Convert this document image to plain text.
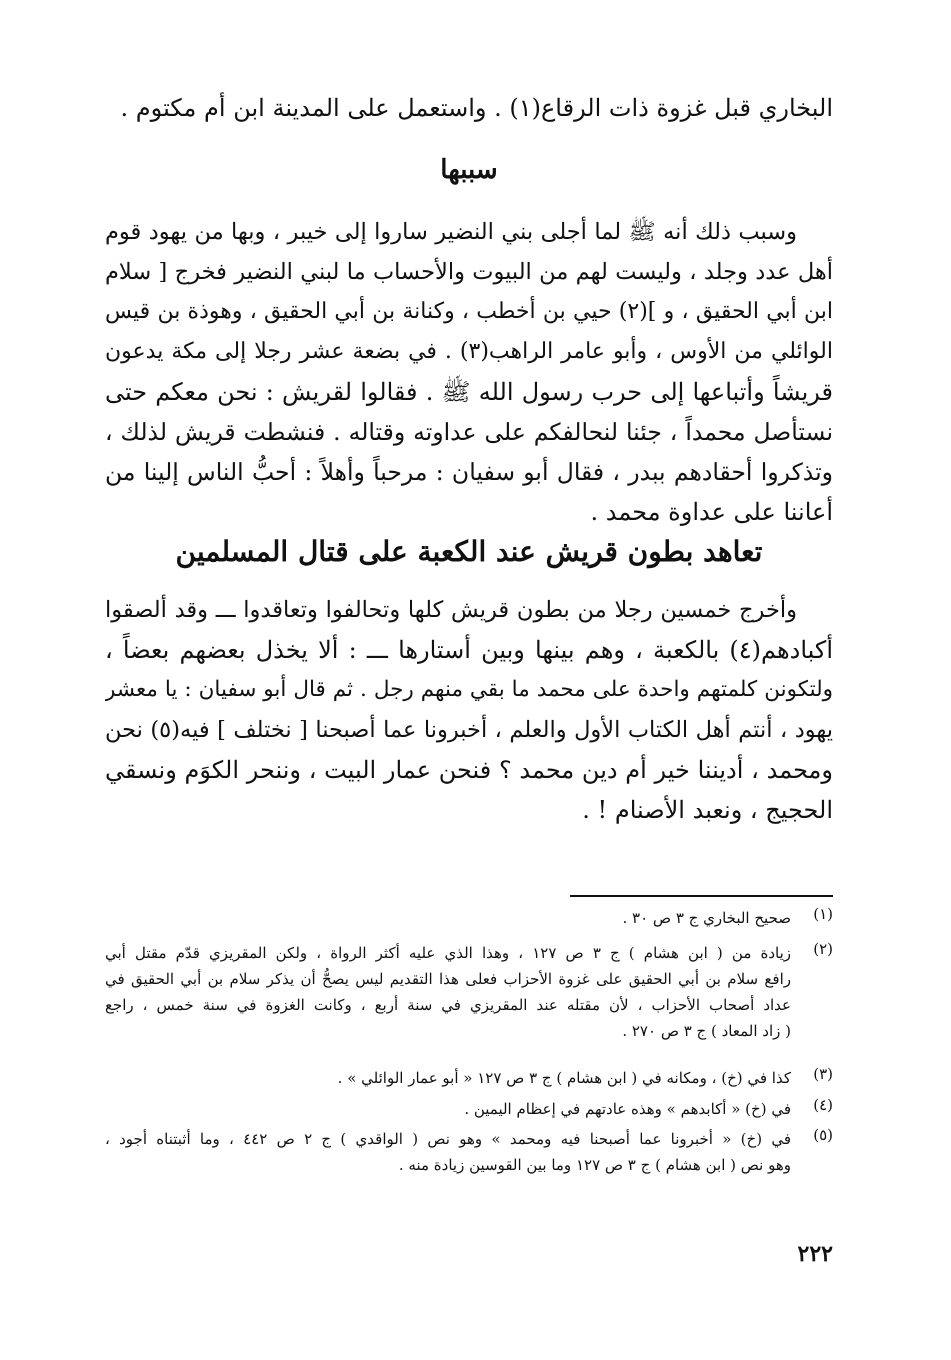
البخاري قبل غزوة ذات الرقاع(١) . واستعمل على المدينة ابن أم مكتوم .
سببها
وسبب ذلك أنه ﷺ لما أجلى بني النضير ساروا إلى خيبر ، وبها من يهود قوم
أهل عدد وجلد ، وليست لهم من البيوت والأحساب ما لبني النضير فخرج [ سلام
ابن أبي الحقيق ، و ](٢) حيي بن أخطب ، وكنانة بن أبي الحقيق ، وهوذة بن قيس
الوائلي من الأوس ، وأبو عامر الراهب(٣) . في بضعة عشر رجلا إلى مكة يدعون
قريشاً وأتباعها إلى حرب رسول الله ﷺ . فقالوا لقريش : نحن معكم حتى
نستأصل محمداً ، جئنا لنحالفكم على عداوته وقتاله . فنشطت قريش لذلك ،
وتذكروا أحقادهم ببدر ، فقال أبو سفيان : مرحباً وأهلاً : أحبُّ الناس إلينا من
أعاننا على عداوة محمد .
تعاهد بطون قريش عند الكعبة على قتال المسلمين
وأخرج خمسين رجلا من بطون قريش كلها وتحالفوا وتعاقدوا ـــ وقد ألصقوا
أكبادهم(٤) بالكعبة ، وهم بينها وبين أستارها ـــ : ألا يخذل بعضهم بعضاً ،
ولتكونن كلمتهم واحدة على محمد ما بقي منهم رجل . ثم قال أبو سفيان : يا معشر
يهود ، أنتم أهل الكتاب الأول والعلم ، أخبرونا عما أصبحنا [ نختلف ] فيه(٥) نحن
ومحمد ، أديننا خير أم دين محمد ؟ فنحن عمار البيت ، وننحر الكوَم ونسقي
الحجيج ، ونعبد الأصنام ! .
(١)
صحيح البخاري ج ٣ ص ٣٠ .
(٢)
زيادة من ( ابن هشام ) ج ٣ ص ١٢٧ ، وهذا الذي عليه أكثر الرواة ، ولكن المقريزي قدّم مقتل أبي
رافع سلام بن أبي الحقيق على غزوة الأحزاب فعلى هذا التقديم ليس يصحُّ أن يذكر سلام بن أبي الحقيق في
عداد أصحاب الأحزاب ، لأن مقتله عند المقريزي في سنة أربع ، وكانت الغزوة في سنة خمس ، راجع
( زاد المعاد ) ج ٣ ص ٢٧٠ .
(٣)
كذا في (خ) ، ومكانه في ( ابن هشام ) ج ٣ ص ١٢٧ « أبو عمار الوائلي » .
(٤)
في (خ) « أكابدهم » وهذه عادتهم في إعظام اليمين .
(٥)
في (خ) « أخبرونا عما أصبحنا فيه ومحمد » وهو نص ( الواقدي ) ج ٢ ص ٤٤٢ ، وما أثبتناه أجود ،
وهو نص ( ابن هشام ) ج ٣ ص ١٢٧ وما بين القوسين زيادة منه .
٢٢٢
